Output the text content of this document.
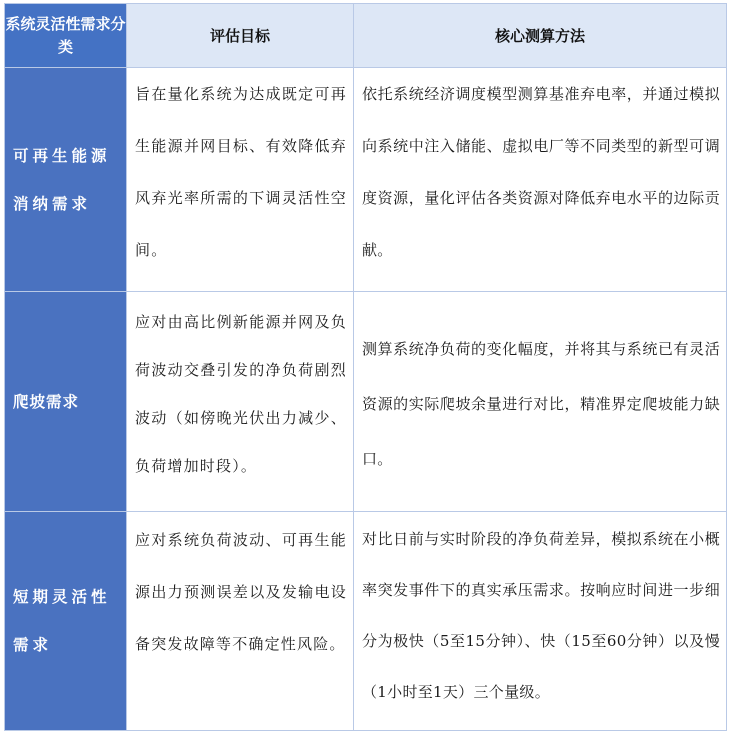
系统灵活性需求分类	评估目标	核心测算方法
可再生能源消纳需求	旨在量化系统为达成既定可再生能源并网目标、有效降低弃风弃光率所需的下调灵活性空间。	依托系统经济调度模型测算基准弃电率，并通过模拟向系统中注入储能、虚拟电厂等不同类型的新型可调度资源，量化评估各类资源对降低弃电水平的边际贡献。
爬坡需求	应对由高比例新能源并网及负荷波动交叠引发的净负荷剧烈波动（如傍晚光伏出力减少、负荷增加时段）。	测算系统净负荷的变化幅度，并将其与系统已有灵活资源的实际爬坡余量进行对比，精准界定爬坡能力缺口。
短期灵活性需求	应对系统负荷波动、可再生能源出力预测误差以及发输电设备突发故障等不确定性风险。	对比日前与实时阶段的净负荷差异，模拟系统在小概率突发事件下的真实承压需求。按响应时间进一步细分为极快（5至15分钟）、快（15至60分钟）以及慢（1小时至1天）三个量级。
